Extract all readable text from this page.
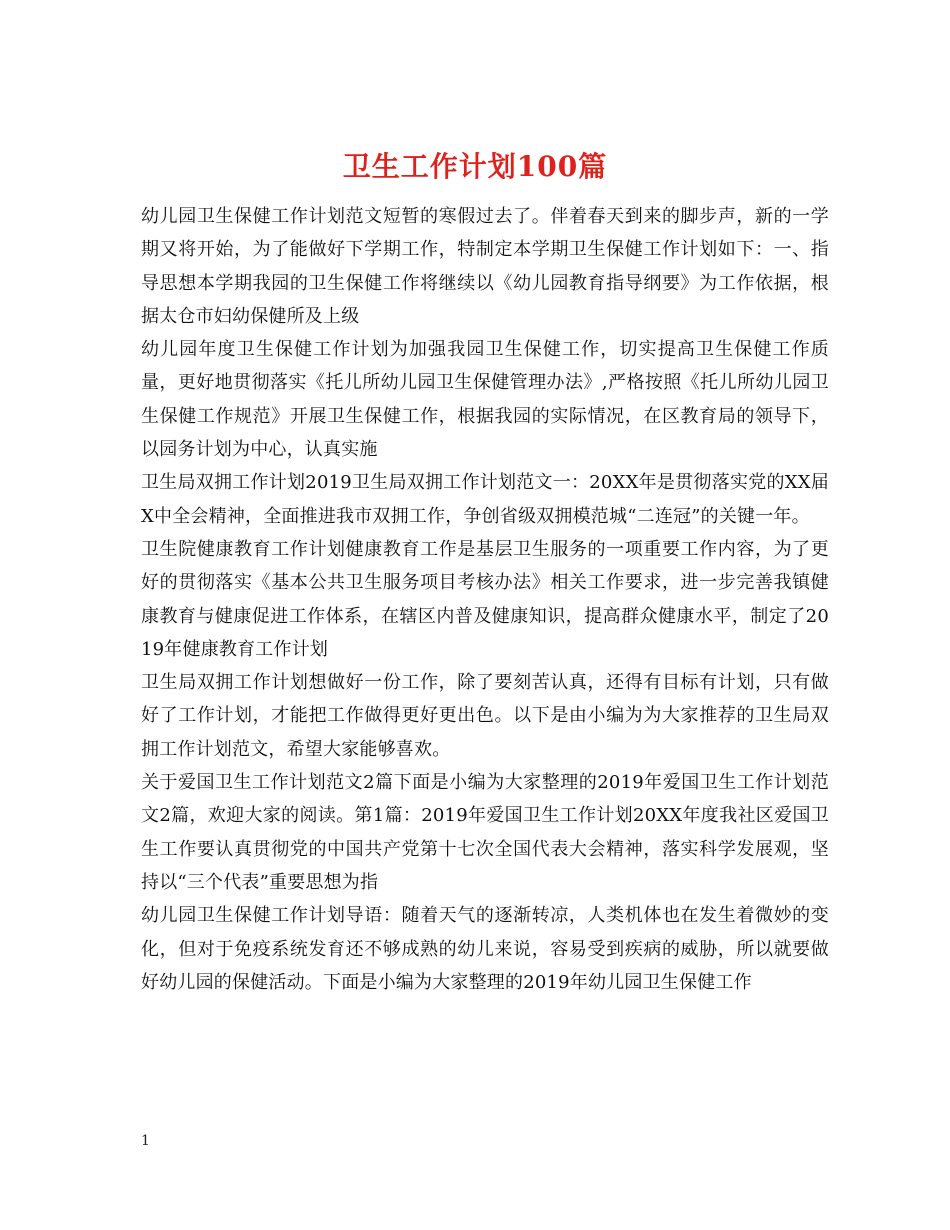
卫生工作计划100篇

幼儿园卫生保健工作计划范文短暂的寒假过去了。伴着春天到来的脚步声，新的一学期又将开始，为了能做好下学期工作，特制定本学期卫生保健工作计划如下：一、指导思想本学期我园的卫生保健工作将继续以《幼儿园教育指导纲要》为工作依据，根据太仓市妇幼保健所及上级

幼儿园年度卫生保健工作计划为加强我园卫生保健工作，切实提高卫生保健工作质量，更好地贯彻落实《托儿所幼儿园卫生保健管理办法》,严格按照《托儿所幼儿园卫生保健工作规范》开展卫生保健工作，根据我园的实际情况，在区教育局的领导下，以园务计划为中心，认真实施

卫生局双拥工作计划2019卫生局双拥工作计划范文一：20XX年是贯彻落实党的XX届X中全会精神，全面推进我市双拥工作，争创省级双拥模范城“二连冠”的关键一年。

卫生院健康教育工作计划健康教育工作是基层卫生服务的一项重要工作内容，为了更好的贯彻落实《基本公共卫生服务项目考核办法》相关工作要求，进一步完善我镇健康教育与健康促进工作体系，在辖区内普及健康知识，提高群众健康水平，制定了2019年健康教育工作计划

卫生局双拥工作计划想做好一份工作，除了要刻苦认真，还得有目标有计划，只有做好了工作计划，才能把工作做得更好更出色。以下是由小编为为大家推荐的卫生局双拥工作计划范文，希望大家能够喜欢。

关于爱国卫生工作计划范文2篇下面是小编为大家整理的2019年爱国卫生工作计划范文2篇，欢迎大家的阅读。第1篇：2019年爱国卫生工作计划20XX年度我社区爱国卫生工作要认真贯彻党的中国共产党第十七次全国代表大会精神，落实科学发展观，坚持以“三个代表”重要思想为指

幼儿园卫生保健工作计划导语：随着天气的逐渐转凉，人类机体也在发生着微妙的变化，但对于免疫系统发育还不够成熟的幼儿来说，容易受到疾病的威胁，所以就要做好幼儿园的保健活动。下面是小编为大家整理的2019年幼儿园卫生保健工作

1
